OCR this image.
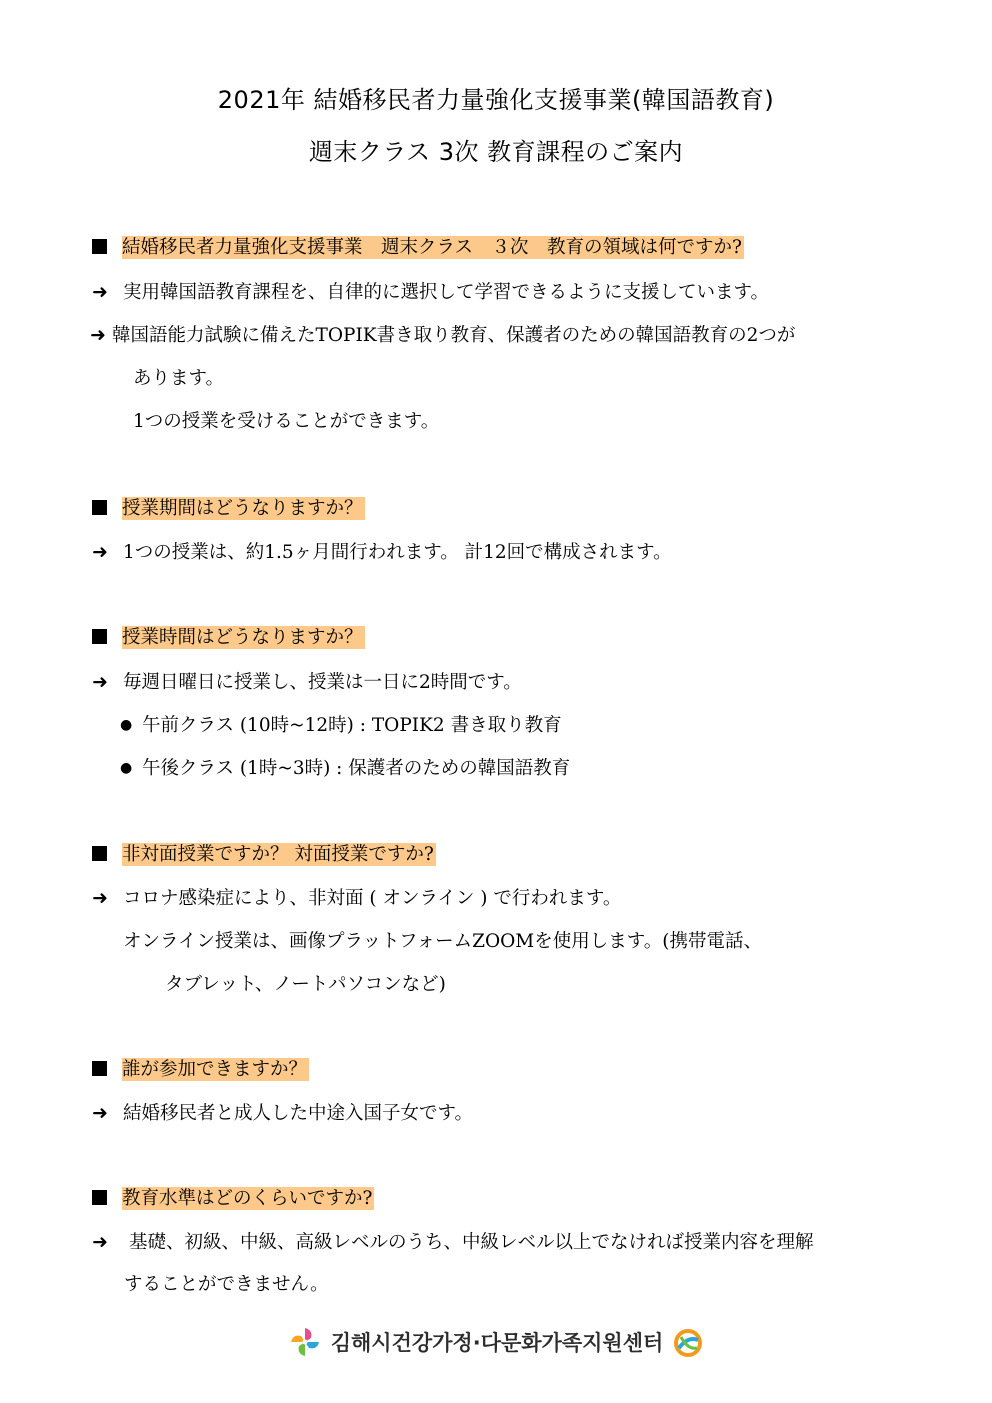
2021年 結婚移民者力量強化支援事業(韓国語教育)
週末クラス 3次 教育課程のご案内
結婚移民者力量強化支援事業　週末クラス　３次　教育の領域は何ですか?
➜ 実用韓国語教育課程を、自律的に選択して学習できるように支援しています。
➜ 韓国語能力試験に備えたTOPIK書き取り教育、保護者のための韓国語教育の2つが
あります。
1つの授業を受けることができます。
授業期間はどうなりますか？
➜ 1つの授業は、約1.5ヶ月間行われます。 計12回で構成されます。
授業時間はどうなりますか？
➜ 毎週日曜日に授業し、授業は一日に2時間です。
● 午前クラス (10時~12時) : TOPIK2 書き取り教育
● 午後クラス (1時~3時) : 保護者のための韓国語教育
非対面授業ですか？ 対面授業ですか?
➜ コロナ感染症により、非対面 ( オンライン ) で行われます。
オンライン授業は、画像プラットフォームZOOMを使用します。(携帯電話、
タブレット、ノートパソコンなど)
誰が参加できますか？
➜ 結婚移民者と成人した中途入国子女です。
教育水準はどのくらいですか?
➜ 基礎、初級、中級、高級レベルのうち、中級レベル以上でなければ授業内容を理解
することができません。
김해시건강가정·다문화가족지원센터
